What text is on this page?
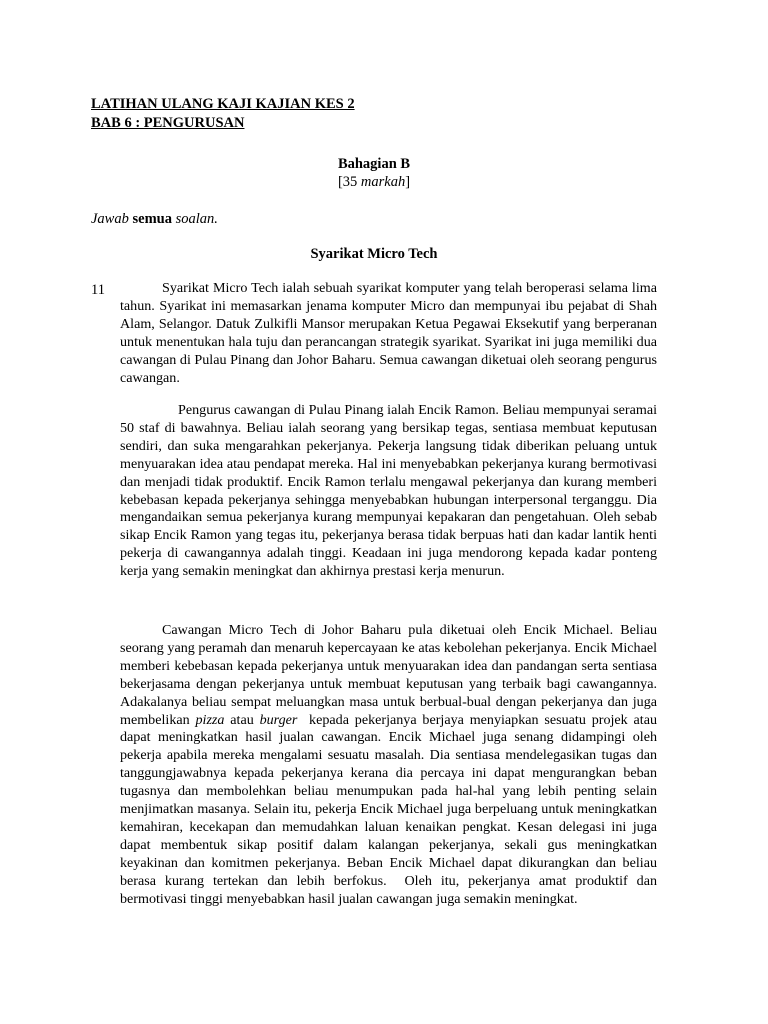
LATIHAN ULANG KAJI KAJIAN KES 2
BAB 6 : PENGURUSAN
Bahagian B
[35 markah]
Jawab semua soalan.
Syarikat Micro Tech
11	Syarikat Micro Tech ialah sebuah syarikat komputer yang telah beroperasi selama lima tahun. Syarikat ini memasarkan jenama komputer Micro dan mempunyai ibu pejabat di Shah Alam, Selangor. Datuk Zulkifli Mansor merupakan Ketua Pegawai Eksekutif yang berperanan untuk menentukan hala tuju dan perancangan strategik syarikat. Syarikat ini juga memiliki dua cawangan di Pulau Pinang dan Johor Baharu. Semua cawangan diketuai oleh seorang pengurus cawangan.
Pengurus cawangan di Pulau Pinang ialah Encik Ramon. Beliau mempunyai seramai 50 staf di bawahnya. Beliau ialah seorang yang bersikap tegas, sentiasa membuat keputusan sendiri, dan suka mengarahkan pekerjanya. Pekerja langsung tidak diberikan peluang untuk menyuarakan idea atau pendapat mereka. Hal ini menyebabkan pekerjanya kurang bermotivasi dan menjadi tidak produktif. Encik Ramon terlalu mengawal pekerjanya dan kurang memberi kebebasan kepada pekerjanya sehingga menyebabkan hubungan interpersonal terganggu. Dia mengandaikan semua pekerjanya kurang mempunyai kepakaran dan pengetahuan. Oleh sebab sikap Encik Ramon yang tegas itu, pekerjanya berasa tidak berpuas hati dan kadar lantik henti pekerja di cawangannya adalah tinggi. Keadaan ini juga mendorong kepada kadar ponteng kerja yang semakin meningkat dan akhirnya prestasi kerja menurun.
Cawangan Micro Tech di Johor Baharu pula diketuai oleh Encik Michael. Beliau seorang yang peramah dan menaruh kepercayaan ke atas kebolehan pekerjanya. Encik Michael memberi kebebasan kepada pekerjanya untuk menyuarakan idea dan pandangan serta sentiasa bekerjasama dengan pekerjanya untuk membuat keputusan yang terbaik bagi cawangannya. Adakalanya beliau sempat meluangkan masa untuk berbual-bual dengan pekerjanya dan juga membelikan pizza atau burger  kepada pekerjanya berjaya menyiapkan sesuatu projek atau dapat meningkatkan hasil jualan cawangan. Encik Michael juga senang didampingi oleh pekerja apabila mereka mengalami sesuatu masalah. Dia sentiasa mendelegasikan tugas dan tanggungjawabnya kepada pekerjanya kerana dia percaya ini dapat mengurangkan beban tugasnya dan membolehkan beliau menumpukan pada hal-hal yang lebih penting selain menjimatkan masanya. Selain itu, pekerja Encik Michael juga berpeluang untuk meningkatkan kemahiran, kecekapan dan memudahkan laluan kenaikan pengkat. Kesan delegasi ini juga dapat membentuk sikap positif dalam kalangan pekerjanya, sekali gus meningkatkan keyakinan dan komitmen pekerjanya. Beban Encik Michael dapat dikurangkan dan beliau berasa kurang tertekan dan lebih berfokus.  Oleh itu, pekerjanya amat produktif dan bermotivasi tinggi menyebabkan hasil jualan cawangan juga semakin meningkat.
